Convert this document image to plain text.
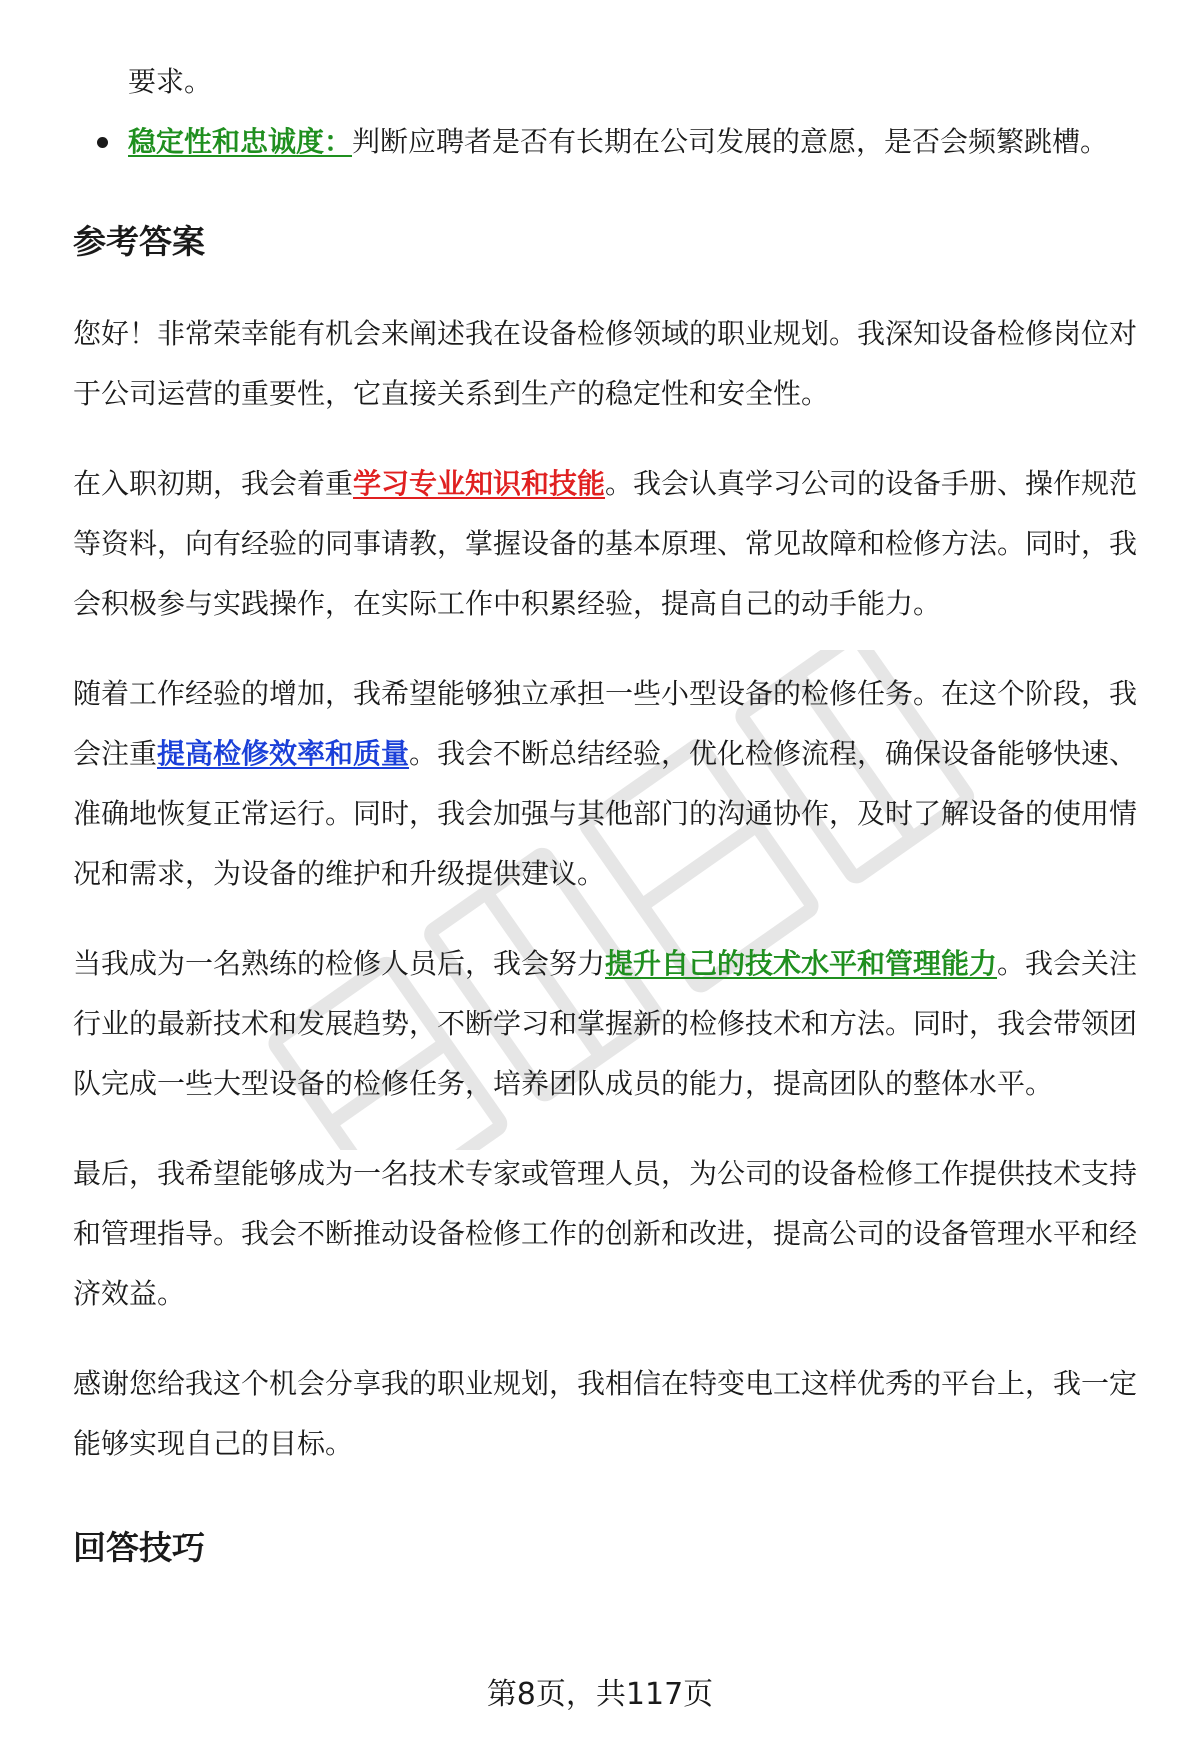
要求。

稳定性和忠诚度：判断应聘者是否有长期在公司发展的意愿，是否会频繁跳槽。
参考答案

您好！非常荣幸能有机会来阐述我在设备检修领域的职业规划。我深知设备检修岗位对于公司运营的重要性，它直接关系到生产的稳定性和安全性。

在入职初期，我会着重学习专业知识和技能。我会认真学习公司的设备手册、操作规范等资料，向有经验的同事请教，掌握设备的基本原理、常见故障和检修方法。同时，我会积极参与实践操作，在实际工作中积累经验，提高自己的动手能力。

随着工作经验的增加，我希望能够独立承担一些小型设备的检修任务。在这个阶段，我会注重提高检修效率和质量。我会不断总结经验，优化检修流程，确保设备能够快速、准确地恢复正常运行。同时，我会加强与其他部门的沟通协作，及时了解设备的使用情况和需求，为设备的维护和升级提供建议。

当我成为一名熟练的检修人员后，我会努力提升自己的技术水平和管理能力。我会关注行业的最新技术和发展趋势，不断学习和掌握新的检修技术和方法。同时，我会带领团队完成一些大型设备的检修任务，培养团队成员的能力，提高团队的整体水平。

最后，我希望能够成为一名技术专家或管理人员，为公司的设备检修工作提供技术支持和管理指导。我会不断推动设备检修工作的创新和改进，提高公司的设备管理水平和经济效益。

感谢您给我这个机会分享我的职业规划，我相信在特变电工这样优秀的平台上，我一定能够实现自己的目标。

回答技巧
第8页，共117页
